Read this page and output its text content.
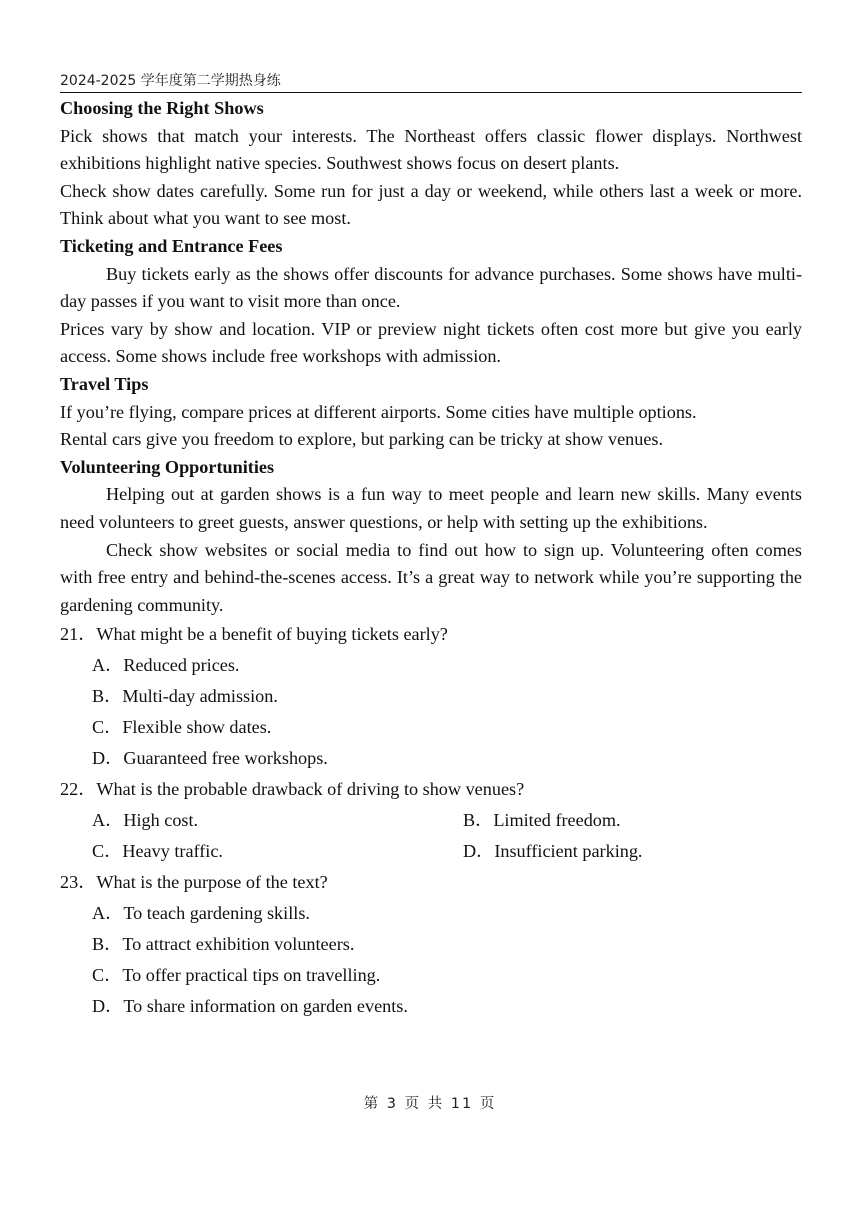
2024-2025 学年度第二学期热身练
Choosing the Right Shows
Pick shows that match your interests. The Northeast offers classic flower displays. Northwest exhibitions highlight native species. Southwest shows focus on desert plants.
Check show dates carefully. Some run for just a day or weekend, while others last a week or more. Think about what you want to see most.
Ticketing and Entrance Fees
Buy tickets early as the shows offer discounts for advance purchases. Some shows have multi-day passes if you want to visit more than once.
Prices vary by show and location. VIP or preview night tickets often cost more but give you early access. Some shows include free workshops with admission.
Travel Tips
If you’re flying, compare prices at different airports. Some cities have multiple options.
Rental cars give you freedom to explore, but parking can be tricky at show venues.
Volunteering Opportunities
Helping out at garden shows is a fun way to meet people and learn new skills. Many events need volunteers to greet guests, answer questions, or help with setting up the exhibitions.
Check show websites or social media to find out how to sign up. Volunteering often comes with free entry and behind-the-scenes access. It’s a great way to network while you’re supporting the gardening community.
21．What might be a benefit of buying tickets early?
A．Reduced prices.
B．Multi-day admission.
C．Flexible show dates.
D．Guaranteed free workshops.
22．What is the probable drawback of driving to show venues?
A．High cost.	B．Limited freedom.
C．Heavy traffic.	D．Insufficient parking.
23．What is the purpose of the text?
A．To teach gardening skills.
B．To attract exhibition volunteers.
C．To offer practical tips on travelling.
D．To share information on garden events.
第 3 页 共 11 页
